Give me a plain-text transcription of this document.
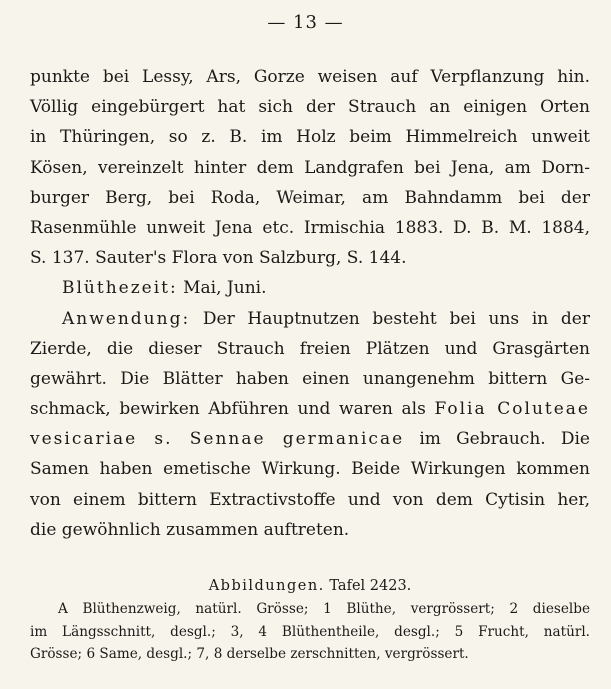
— 13 —
punkte bei Lessy, Ars, Gorze weisen auf Verpflanzung hin.
Völlig eingebürgert hat sich der Strauch an einigen Orten
in Thüringen, so z. B. im Holz beim Himmelreich unweit
Kösen, vereinzelt hinter dem Landgrafen bei Jena, am Dorn-
burger Berg, bei Roda, Weimar, am Bahndamm bei der
Rasenmühle unweit Jena etc. Irmischia 1883. D. B. M. 1884,
S. 137. Sauter's Flora von Salzburg, S. 144.
Blüthezeit: Mai, Juni.
Anwendung: Der Hauptnutzen besteht bei uns in der
Zierde, die dieser Strauch freien Plätzen und Grasgärten
gewährt. Die Blätter haben einen unangenehm bittern Ge-
schmack, bewirken Abführen und waren als Folia Coluteae
vesicariae s. Sennae germanicae im Gebrauch. Die
Samen haben emetische Wirkung. Beide Wirkungen kommen
von einem bittern Extractivstoffe und von dem Cytisin her,
die gewöhnlich zusammen auftreten.
Abbildungen. Tafel 2423.
A Blüthenzweig, natürl. Grösse; 1 Blüthe, vergrössert; 2 dieselbe
im Längsschnitt, desgl.; 3, 4 Blüthentheile, desgl.; 5 Frucht, natürl.
Grösse; 6 Same, desgl.; 7, 8 derselbe zerschnitten, vergrössert.
